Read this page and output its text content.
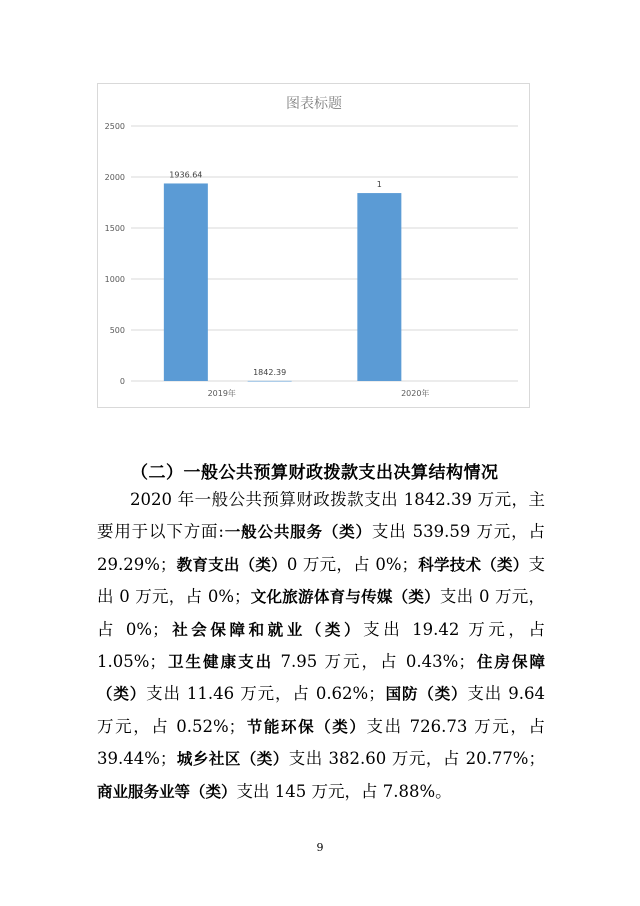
图表标题
0
500
1000
1500
2000
2500
1936.64
1842.39
2019年
1
2020年
（二）一般公共预算财政拨款支出决算结构情况

2020 年一般公共预算财政拨款支出 1842.39 万元，主要用于以下方面:一般公共服务（类）支出 539.59 万元，占 29.29%；教育支出（类）0 万元，占 0%；科学技术（类）支出 0 万元，占 0%；文化旅游体育与传媒（类）支出 0 万元，占 0%；社会保障和就业（类）支出 19.42 万元，占 1.05%；卫生健康支出 7.95 万元，占 0.43%；住房保障（类）支出 11.46 万元，占 0.62%；国防（类）支出 9.64 万元，占 0.52%；节能环保（类）支出 726.73 万元，占 39.44%；城乡社区（类）支出 382.60 万元，占 20.77%；商业服务业等（类）支出 145 万元，占 7.88%。

9
